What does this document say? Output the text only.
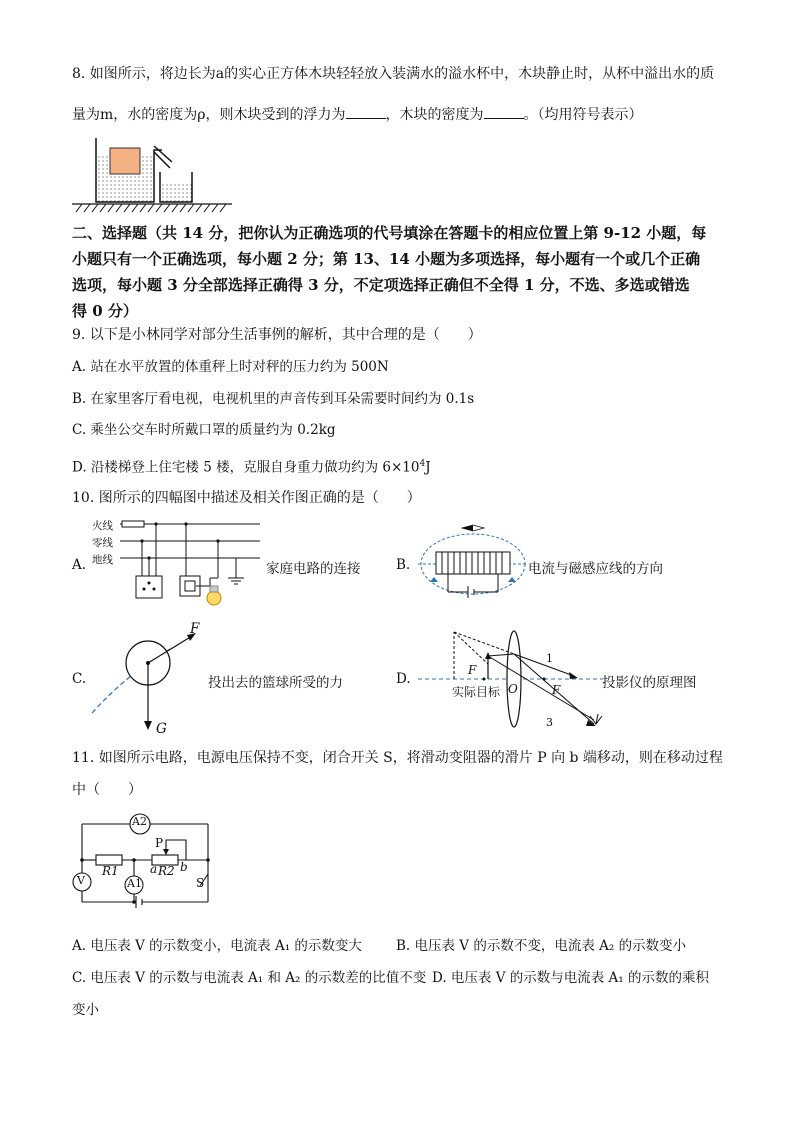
8. 如图所示，将边长为a的实心正方体木块轻轻放入装满水的溢水杯中，木块静止时，从杯中溢出水的质
量为m，水的密度为ρ，则木块受到的浮力为	，木块的密度为	。（均用符号表示）
二、选择题（共 14 分，把你认为正确选项的代号填涂在答题卡的相应位置上第 9-12 小题，每
小题只有一个正确选项，每小题 2 分；第 13、14 小题为多项选择，每小题有一个或几个正确
选项，每小题 3 分全部选择正确得 3 分，不定项选择正确但不全得 1 分，不选、多选或错选
得 0 分）
9. 以下是小林同学对部分生活事例的解析，其中合理的是（　　）
A. 站在水平放置的体重秤上时对秤的压力约为 500N
B. 在家里客厅看电视，电视机里的声音传到耳朵需要时间约为 0.1s
C. 乘坐公交车时所戴口罩的质量约为 0.2kg
D. 沿楼梯登上住宅楼 5 楼，克服自身重力做功约为 $6\times 10^4J$
10. 图所示的四幅图中描述及相关作图正确的是（　　）
A.
火线
零线
地线
家庭电路的连接	B.	电流与磁感应线的方向
C.
F
G
投出去的篮球所受的力	D.
F
实际目标 O	F
1
3
投影仪的原理图
11. 如图所示电路，电源电压保持不变，闭合开关 S，将滑动变阻器的滑片 P 向 b 端移动，则在移动过程
中（　　）
A2
V	A1
R1	R2
P
a b
S
A. 电压表 V 的示数变小，电流表 A₁ 的示数变大	B. 电压表 V 的示数不变，电流表 A₂ 的示数变小
C. 电压表 V 的示数与电流表 A₁ 和 A₂ 的示数差的比值不变 D. 电压表 V 的示数与电流表 A₁ 的示数的乘积
变小
